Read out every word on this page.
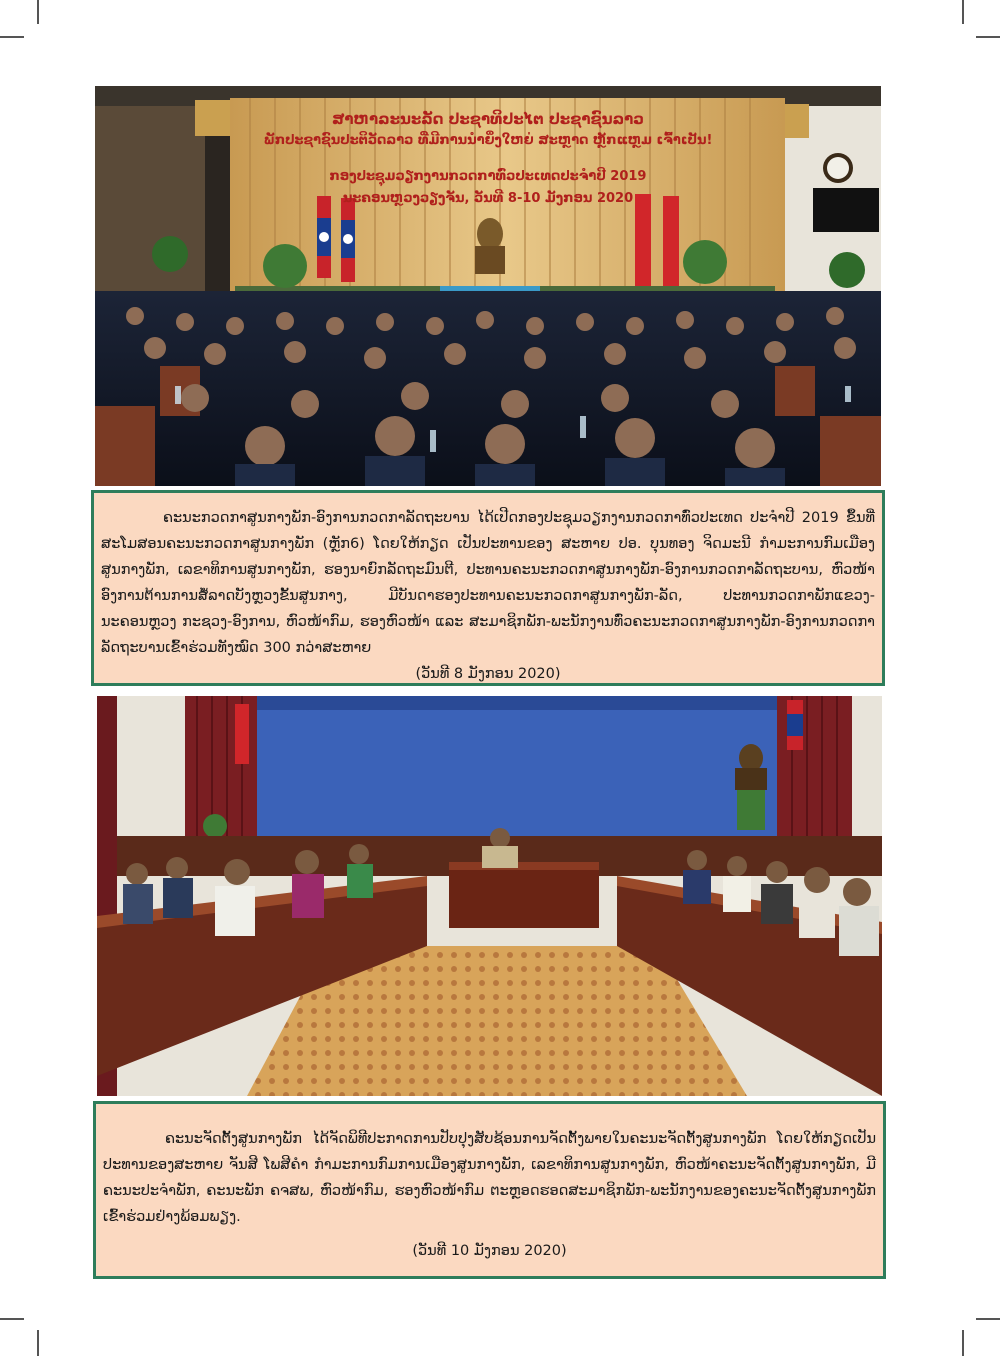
ສາຫາລະນະລັດ ປະຊາທິປະໄຕ ປະຊາຊົນລາວ
ພັກປະຊາຊົນປະຕິວັດລາວ ທີ່ມີການນຳຍິ່ງໃຫຍ່ ສະຫຼາດ ຫຼັກແຫຼມ ເຈົ້າເປັນ!
ກອງປະຊຸມວຽກງານກວດກາທົ່ວປະເທດປະຈຳປີ 2019
ນະຄອນຫຼວງວຽງຈັນ, ວັນທີ 8-10 ມັງກອນ 2020

ຄະນະກວດກາສູນກາງພັກ-ອົງການກວດກາລັດຖະບານ ໄດ້ເປີດກອງປະຊຸມວຽກງານກວດກາທົ່ວປະເທດ ປະຈຳປີ 2019 ຂຶ້ນທີ່ສະໂມສອນຄະນະກວດກາສູນກາງພັກ (ຫຼັກ6) ໂດຍໃຫ້ກຽດ ເປັນປະທານຂອງ ສະຫາຍ ປອ. ບຸນທອງ ຈິດມະນີ ກຳມະການກົມເມືອງສູນກາງພັກ, ເລຂາທິການສູນກາງພັກ, ຮອງນາຍົກລັດຖະມົນຕີ, ປະທານຄະນະກວດກາສູນກາງພັກ-ອົງການກວດກາລັດຖະບານ, ຫົວໜ້າອົງການຕ້ານການສໍ້ລາດບັງຫຼວງຂັ້ນສູນກາງ, ມີບັນດາຮອງປະທານຄະນະກວດກາສູນກາງພັກ-ລັດ, ປະທານກວດກາພັກແຂວງ-ນະຄອນຫຼວງ ກະຊວງ-ອົງການ, ຫົວໜ້າກົມ, ຮອງຫົວໜ້າ ແລະ ສະມາຊິກພັກ-ພະນັກງານທົ່ວຄະນະກວດກາສູນກາງພັກ-ອົງການກວດກາລັດຖະບານເຂົ້າຮ່ວມທັງໝົດ 300 ກວ່າສະຫາຍ

(ວັນທີ 8 ມັງກອນ 2020)

ຄະນະຈັດຕັ້ງສູນກາງພັກ ໄດ້ຈັດພິທີປະກາດການປັບປຸງສັບຊ້ອນການຈັດຕັ້ງພາຍໃນຄະນະຈັດຕັ້ງສູນກາງພັກ ໂດຍໃຫ້ກຽດເປັນປະທານຂອງສະຫາຍ ຈັນສີ ໂພສີຄຳ ກຳມະການກົມການເມືອງສູນກາງພັກ, ເລຂາທິການສູນກາງພັກ, ຫົວໜ້າຄະນະຈັດຕັ້ງສູນກາງພັກ, ມີຄະນະປະຈຳພັກ, ຄະນະພັກ ຄຈສພ, ຫົວໜ້າກົມ, ຮອງຫົວໜ້າກົມ ຕະຫຼອດຮອດສະມາຊິກພັກ-ພະນັກງານຂອງຄະນະຈັດຕັ້ງສູນກາງພັກເຂົ້າຮ່ວມຢ່າງພ້ອມພຽງ.

(ວັນທີ 10 ມັງກອນ 2020)
